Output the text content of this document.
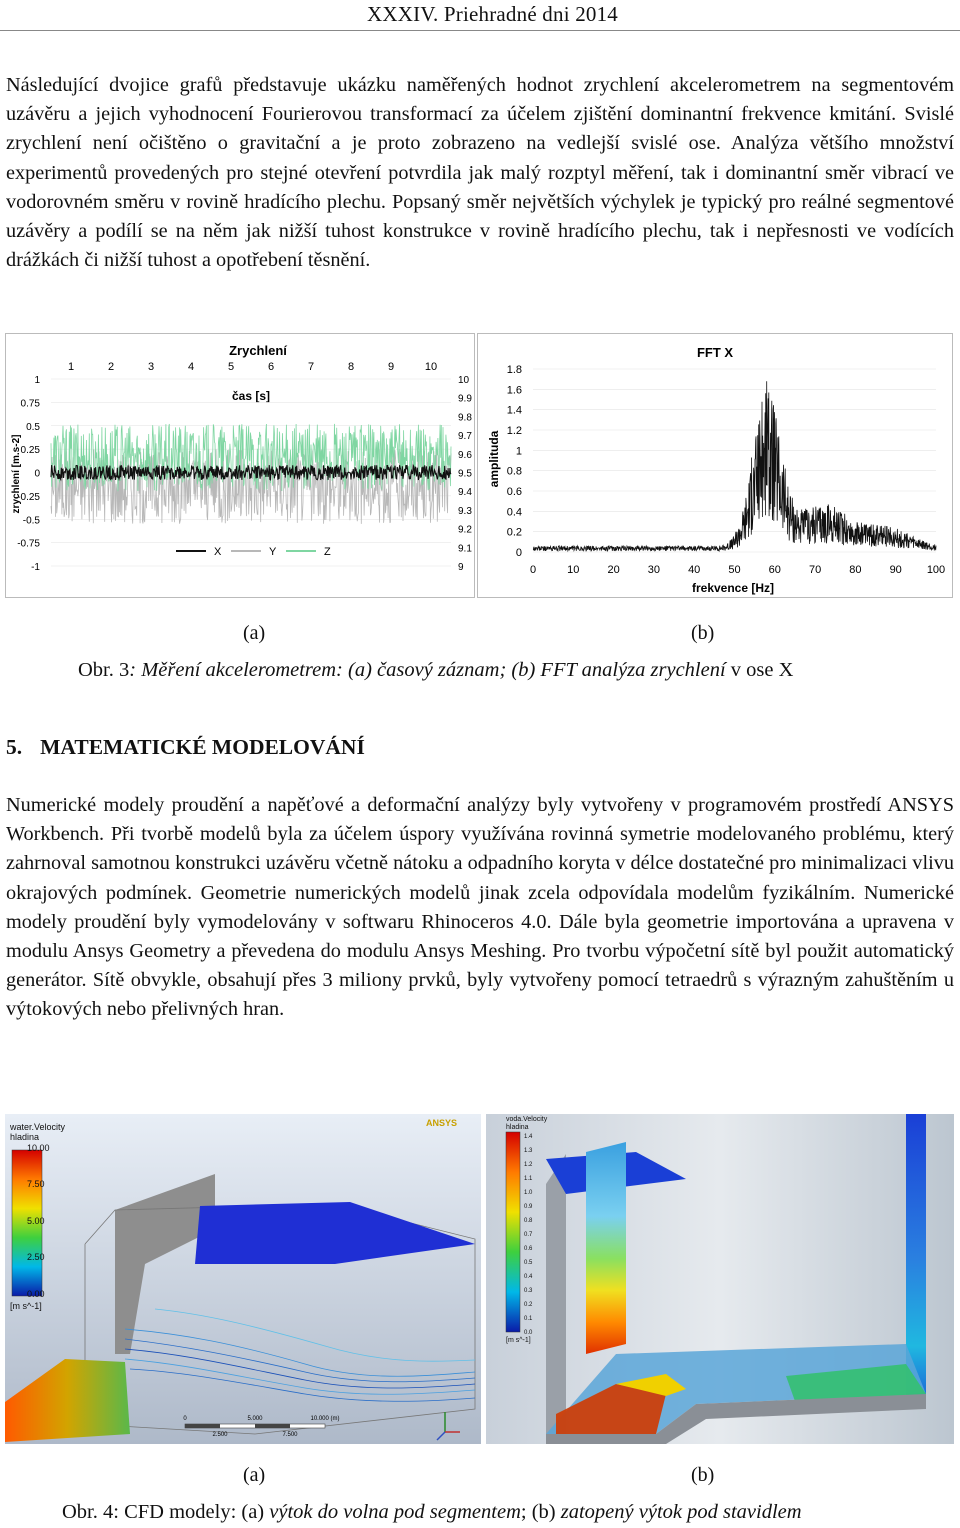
XXXIV. Priehradné dni 2014

Následující dvojice grafů představuje ukázku naměřených hodnot zrychlení akcelerometrem na segmentovém uzávěru a jejich vyhodnocení Fourierovou transformací za účelem zjištění dominantní frekvence kmitání. Svislé zrychlení není očištěno o gravitační a je proto zobrazeno na vedlejší svislé ose. Analýza většího množství experimentů provedených pro stejné otevření potvrdila jak malý rozptyl měření, tak i dominantní směr vibrací ve vodorovném směru v rovině hradícího plechu. Popsaný směr největších výchylek je typický pro reálné segmentové uzávěry a podílí se na něm jak nižší tuhost konstrukce v rovině hradícího plechu, tak i nepřesnosti ve vodících drážkách či nižší tuhost a opotřebení těsnění.

Zrychlení
čas [s]
zrychlení [m.s-2]
1	2	3	4	5	6	7	8	9	10
1
0.75
0.5
0.25
0
-0.25
-0.5
-0.75
-1
10
9.9
9.8
9.7
9.6
9.5
9.4
9.3
9.2
9.1
9
X	Y	Z
FFT X
frekvence [Hz]
amplituda
1.8
1.6
1.4
1.2
1
0.8
0.6
0.4
0.2
0
0	10	20	30	40	50	60	70	80	90 100
(a)	(b)
Obr. 3: Měření akcelerometrem: (a) časový záznam; (b) FFT analýza zrychlení v ose X
5. MATEMATICKÉ MODELOVÁNÍ

Numerické modely proudění a napěťové a deformační analýzy byly vytvořeny v programovém prostředí ANSYS Workbench. Při tvorbě modelů byla za účelem úspory využívána rovinná symetrie modelovaného problému, který zahrnoval samotnou konstrukci uzávěru včetně nátoku a odpadního koryta v délce dostatečné pro minimalizaci vlivu okrajových podmínek. Geometrie numerických modelů jinak zcela odpovídala modelům fyzikálním. Numerické modely proudění byly vymodelovány v softwaru Rhinoceros 4.0. Dále byla geometrie importována a upravena v modulu Ansys Geometry a převedena do modulu Ansys Meshing. Pro tvorbu výpočetní sítě byl použit automatický generátor. Sítě obvykle, obsahují přes 3 miliony prvků, byly vytvořeny pomocí tetraedrů s výrazným zahuštěním u výtokových nebo přelivných hran.

water.Velocity
hladina
10.00
7.50
5.00
2.50
0.00
[m s^-1]
ANSYS
0
2.500
5.000
7.500
10.000 (m)
voda.Velocity
hladina
1.4
1.3
1.2
1.1
1.0
0.9
0.8
0.7
0.6
0.5
0.4
0.3
0.2
0.1
0.0
[m s^-1]
(a)	(b)
Obr. 4: CFD modely: (a) výtok do volna pod segmentem; (b) zatopený výtok pod stavidlem
